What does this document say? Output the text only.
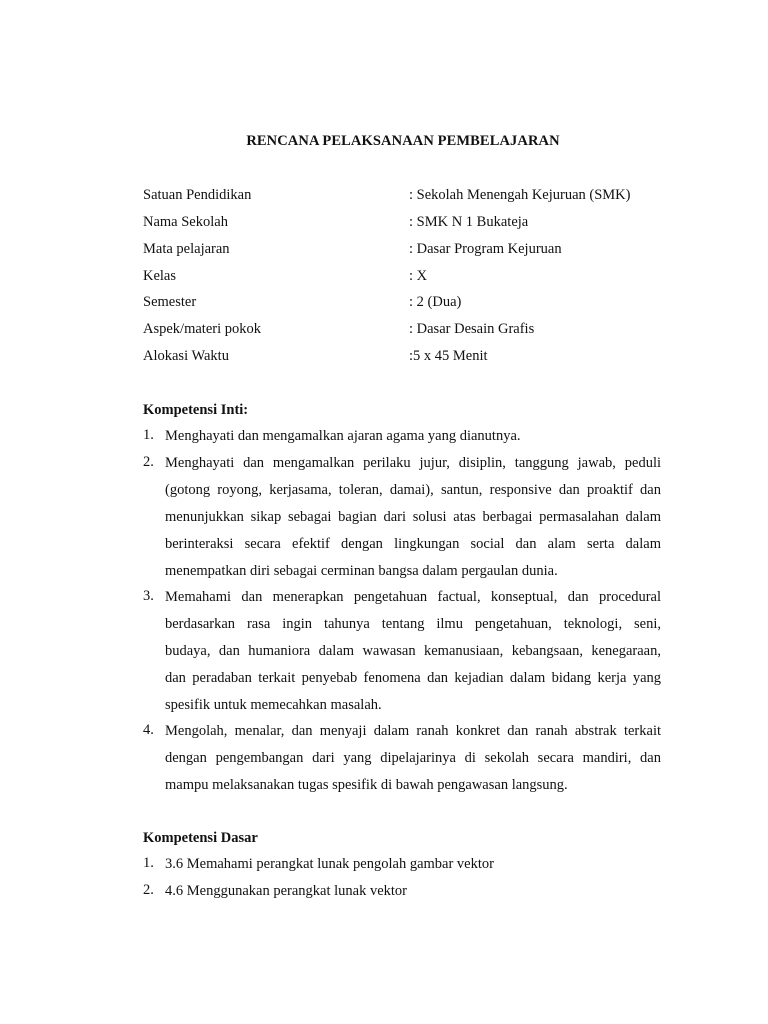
RENCANA PELAKSANAAN PEMBELAJARAN
Satuan Pendidikan	: Sekolah Menengah Kejuruan (SMK)
Nama Sekolah	: SMK N 1 Bukateja
Mata pelajaran	: Dasar Program Kejuruan
Kelas	: X
Semester	: 2 (Dua)
Aspek/materi pokok	: Dasar Desain Grafis
Alokasi Waktu	:5 x 45 Menit
Kompetensi Inti:
1. Menghayati dan mengamalkan ajaran agama yang dianutnya.
2. Menghayati dan mengamalkan perilaku jujur, disiplin, tanggung jawab, peduli
(gotong royong, kerjasama, toleran, damai), santun, responsive dan proaktif dan
menunjukkan sikap sebagai bagian dari solusi atas berbagai permasalahan dalam
berinteraksi secara efektif dengan lingkungan social dan alam serta dalam
menempatkan diri sebagai cerminan bangsa dalam pergaulan dunia.
3. Memahami dan menerapkan pengetahuan factual, konseptual, dan procedural
berdasarkan rasa ingin tahunya tentang ilmu pengetahuan, teknologi, seni,
budaya, dan humaniora dalam wawasan kemanusiaan, kebangsaan, kenegaraan,
dan peradaban terkait penyebab fenomena dan kejadian dalam bidang kerja yang
spesifik untuk memecahkan masalah.
4. Mengolah, menalar, dan menyaji dalam ranah konkret dan ranah abstrak terkait
dengan pengembangan dari yang dipelajarinya di sekolah secara mandiri, dan
mampu melaksanakan tugas spesifik di bawah pengawasan langsung.
Kompetensi Dasar
1. 3.6 Memahami perangkat lunak pengolah gambar vektor
2. 4.6 Menggunakan perangkat lunak vektor
